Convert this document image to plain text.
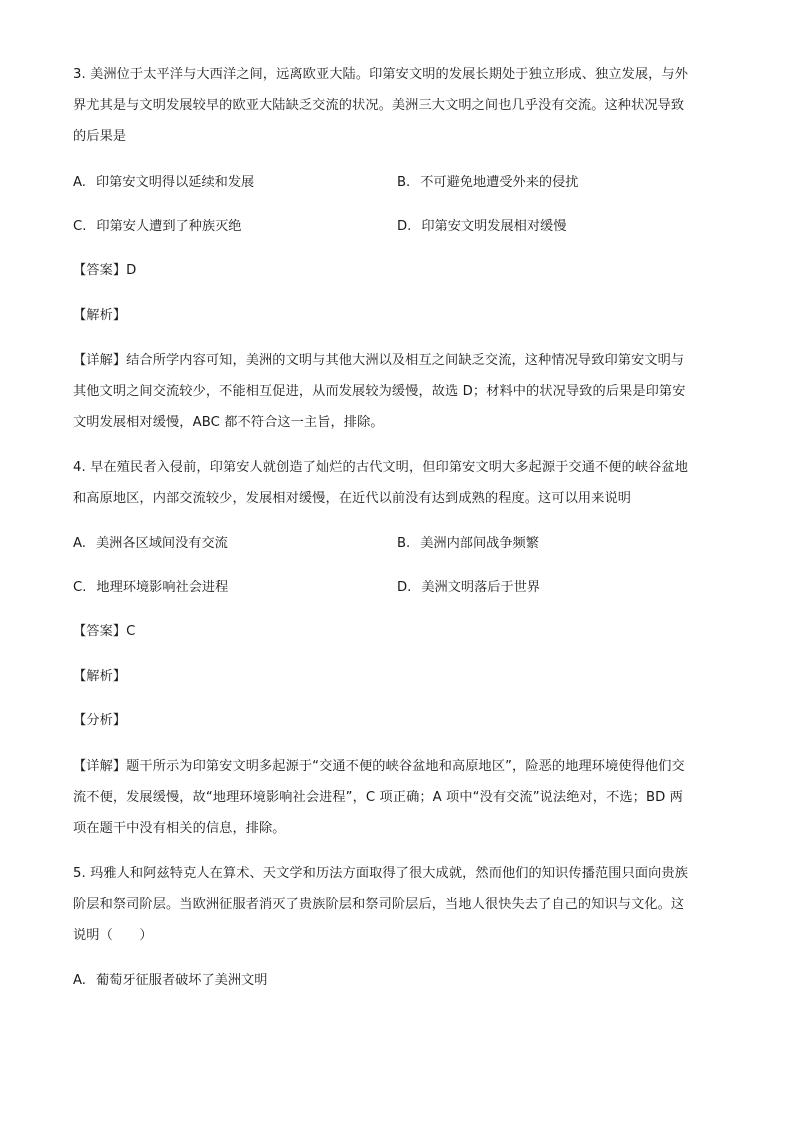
3. 美洲位于太平洋与大西洋之间，远离欧亚大陆。印第安文明的发展长期处于独立形成、独立发展，与外
界尤其是与文明发展较早的欧亚大陆缺乏交流的状况。美洲三大文明之间也几乎没有交流。这种状况导致
的后果是
A. 印第安文明得以延续和发展	B. 不可避免地遭受外来的侵扰
C. 印第安人遭到了种族灭绝	D. 印第安文明发展相对缓慢
【答案】D
【解析】
【详解】结合所学内容可知，美洲的文明与其他大洲以及相互之间缺乏交流，这种情况导致印第安文明与
其他文明之间交流较少，不能相互促进，从而发展较为缓慢，故选 D；材料中的状况导致的后果是印第安
文明发展相对缓慢，ABC 都不符合这一主旨，排除。
4. 早在殖民者入侵前，印第安人就创造了灿烂的古代文明，但印第安文明大多起源于交通不便的峡谷盆地
和高原地区，内部交流较少，发展相对缓慢，在近代以前没有达到成熟的程度。这可以用来说明
A. 美洲各区域间没有交流	B. 美洲内部间战争频繁
C. 地理环境影响社会进程	D. 美洲文明落后于世界
【答案】C
【解析】
【分析】
【详解】题干所示为印第安文明多起源于“交通不便的峡谷盆地和高原地区”，险恶的地理环境使得他们交
流不便，发展缓慢，故“地理环境影响社会进程”，C 项正确；A 项中“没有交流”说法绝对，不选；BD 两
项在题干中没有相关的信息，排除。
5. 玛雅人和阿兹特克人在算术、天文学和历法方面取得了很大成就，然而他们的知识传播范围只面向贵族
阶层和祭司阶层。当欧洲征服者消灭了贵族阶层和祭司阶层后，当地人很快失去了自己的知识与文化。这
说明（　　）
A. 葡萄牙征服者破坏了美洲文明
